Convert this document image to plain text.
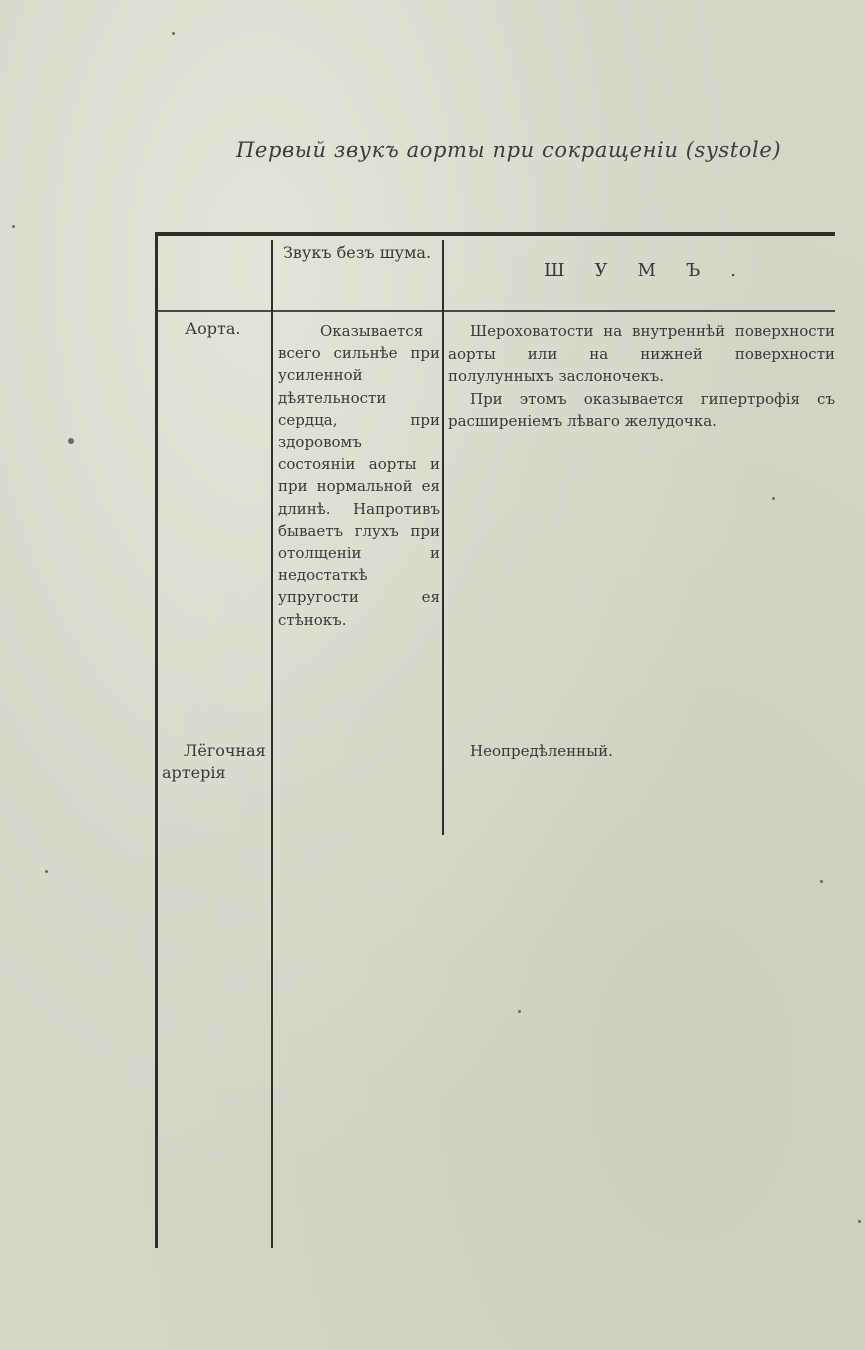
Первый звукъ аорты при сокращеніи (systole)
Звукъ безъ шума.
ШУМЪ.
Аорта.	Оказывается всего сильнѣе при усиленной дѣятельности сердца, при здоровомъ состояніи аорты и при нормальной ея длинѣ. Напротивъ бываетъ глухъ при отолщеніи и недостаткѣ упругости ея стѣнокъ.

Шероховатости на внутреннѣй поверхности аорты или на нижней поверхности полулунныхъ заслоночекъ.

При этомъ оказывается гипертрофія съ расширеніемъ лѣваго желудочка.

Лёгочная
артерія
Неопредѣленный.
